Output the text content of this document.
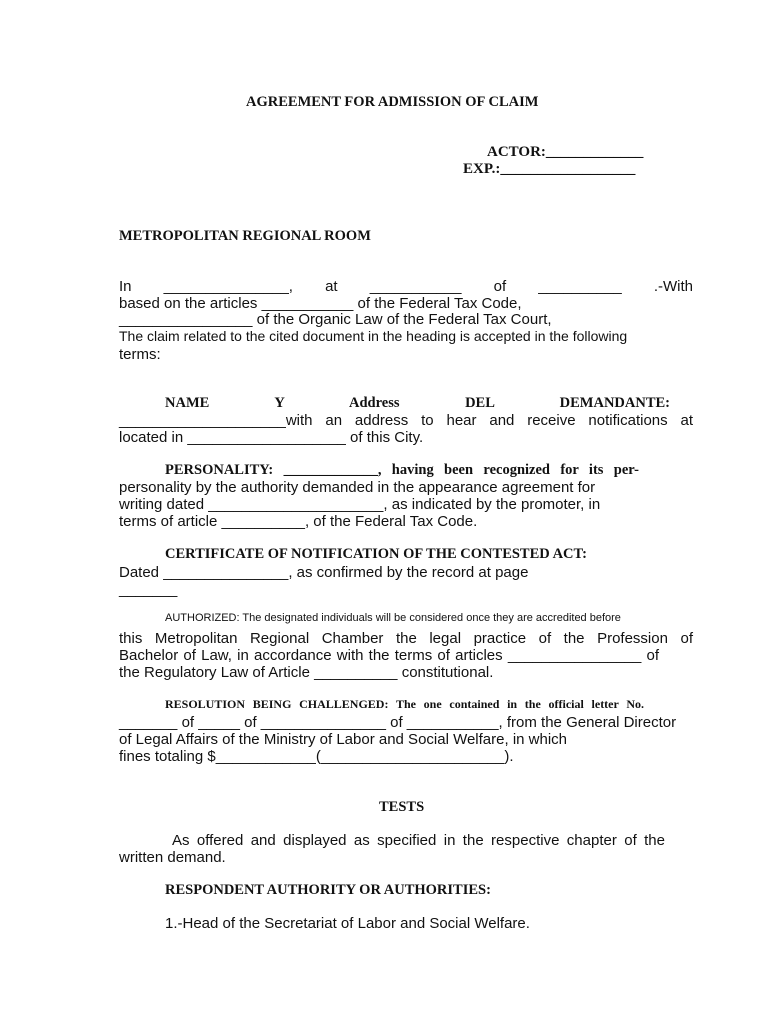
AGREEMENT FOR ADMISSION OF CLAIM
ACTOR:_____________
EXP.:__________________
METROPOLITAN REGIONAL ROOM
In _______________, at ___________ of __________ .-With
based on the articles ___________ of the Federal Tax Code,
________________ of the Organic Law of the Federal Tax Court,
The claim related to the cited document in the heading is accepted in the following
terms:
NAME Y Address DEL DEMANDANTE:
____________________with an address to hear and receive notifications at
located in ___________________ of this City.
PERSONALITY: _____________, having been recognized for its per-
personality by the authority demanded in the appearance agreement for
writing dated _____________________, as indicated by the promoter, in
terms of article __________, of the Federal Tax Code.
CERTIFICATE OF NOTIFICATION OF THE CONTESTED ACT:
Dated _______________, as confirmed by the record at page
_______
AUTHORIZED: The designated individuals will be considered once they are accredited before
this Metropolitan Regional Chamber the legal practice of the Profession of
Bachelor of Law, in accordance with the terms of articles ________________ of
the Regulatory Law of Article __________ constitutional.
RESOLUTION BEING CHALLENGED: The one contained in the official letter No.
_______ of _____ of _______________ of ___________, from the General Director
of Legal Affairs of the Ministry of Labor and Social Welfare, in which
fines totaling $____________(______________________).
TESTS
As offered and displayed as specified in the respective chapter of the
written demand.
RESPONDENT AUTHORITY OR AUTHORITIES:
1.-Head of the Secretariat of Labor and Social Welfare.
